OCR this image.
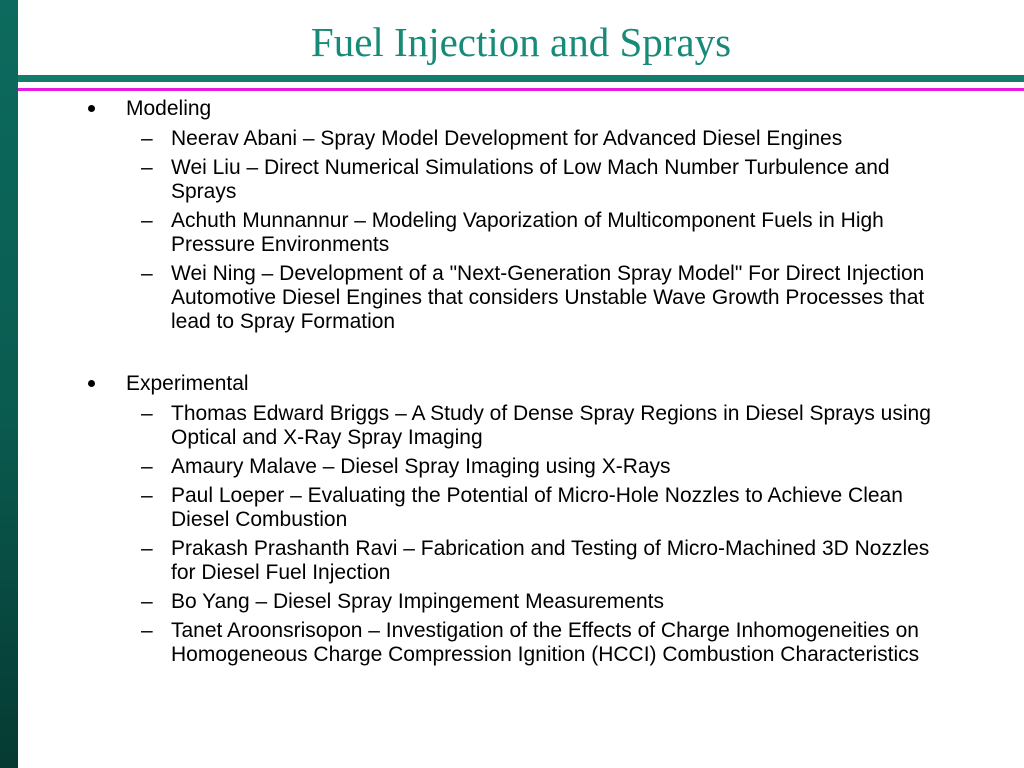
Fuel Injection and Sprays
Modeling
– Neerav Abani – Spray Model Development for Advanced Diesel Engines
– Wei Liu – Direct Numerical Simulations of Low Mach Number Turbulence and Sprays
– Achuth Munnannur – Modeling Vaporization of Multicomponent Fuels in High Pressure Environments
– Wei Ning – Development of a "Next-Generation Spray Model" For Direct Injection Automotive Diesel Engines that considers Unstable Wave Growth Processes that lead to Spray Formation
Experimental
– Thomas Edward Briggs – A Study of Dense Spray Regions in Diesel Sprays using Optical and X-Ray Spray Imaging
– Amaury Malave – Diesel Spray Imaging using X-Rays
– Paul Loeper – Evaluating the Potential of Micro-Hole Nozzles to Achieve Clean Diesel Combustion
– Prakash Prashanth Ravi – Fabrication and Testing of Micro-Machined 3D Nozzles for Diesel Fuel Injection
– Bo Yang – Diesel Spray Impingement Measurements
– Tanet Aroonsrisopon – Investigation of the Effects of Charge Inhomogeneities on Homogeneous Charge Compression Ignition (HCCI) Combustion Characteristics
